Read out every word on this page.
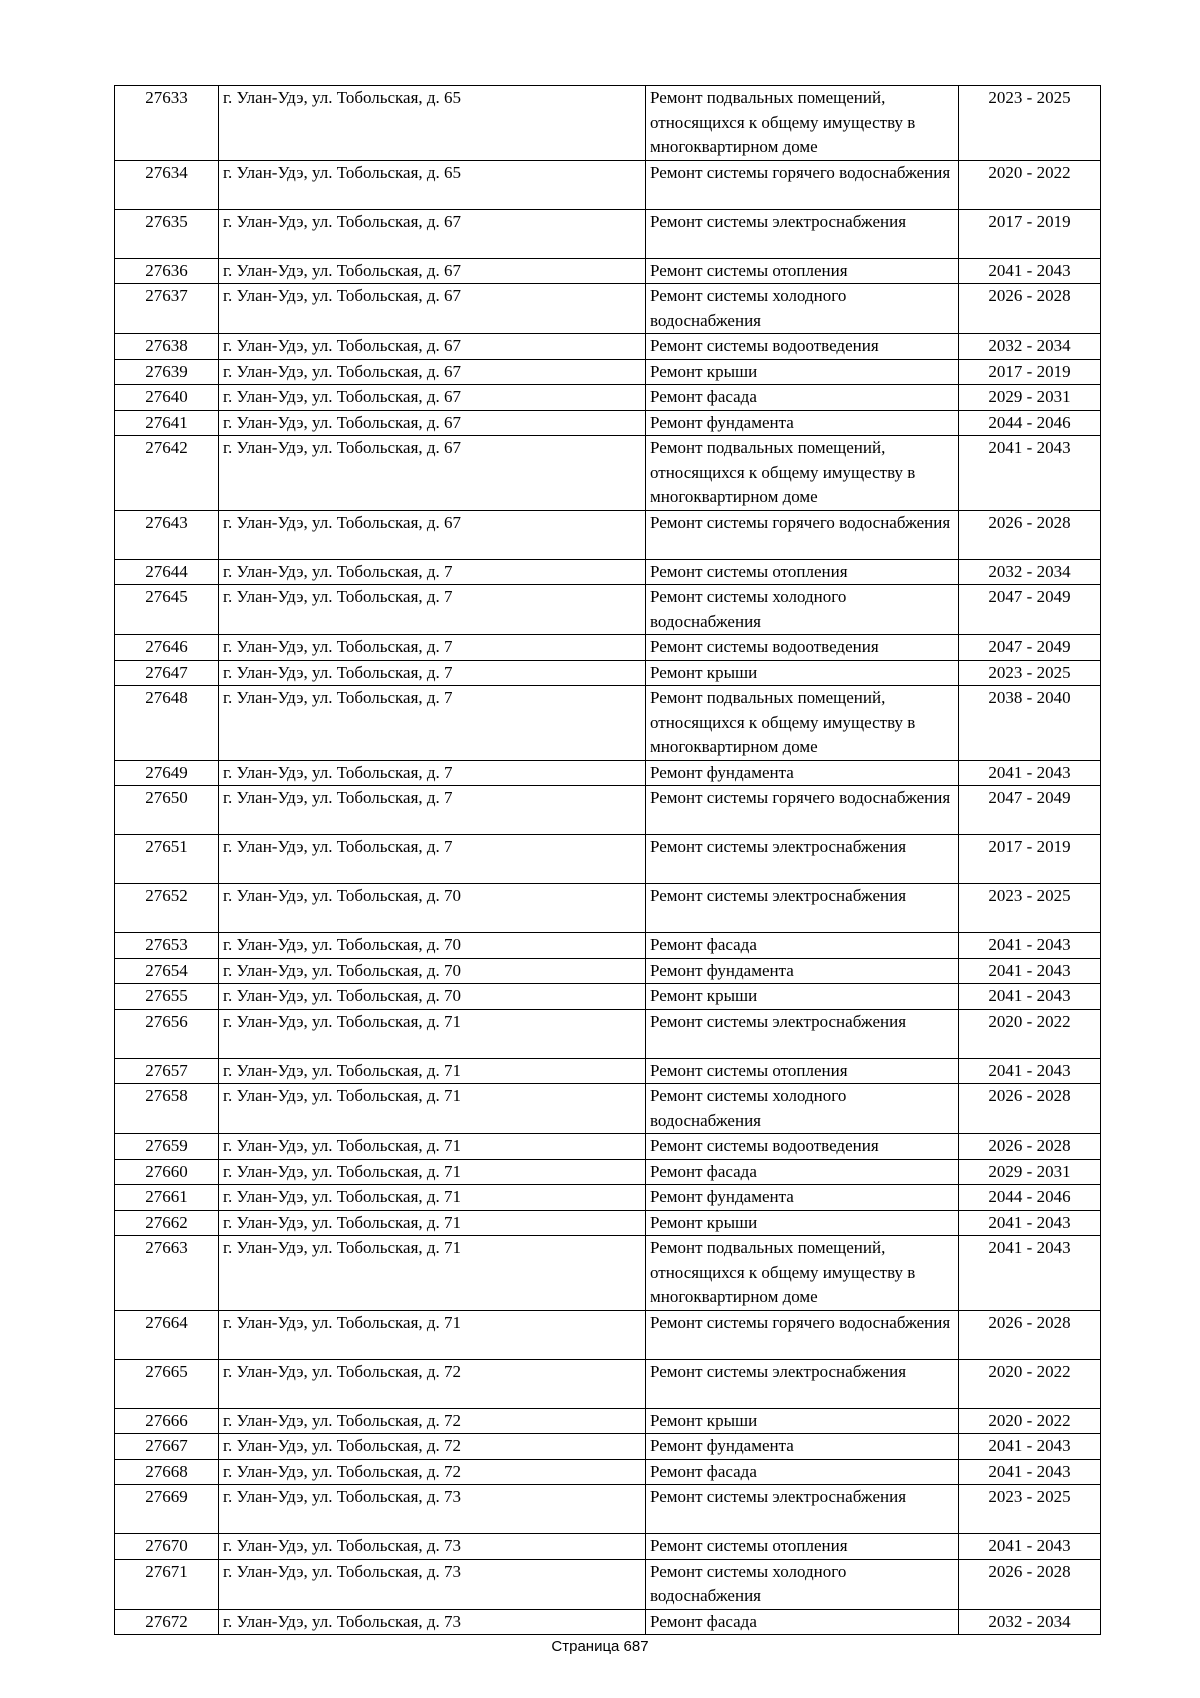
27633	г. Улан-Удэ, ул. Тобольская, д. 65	Ремонт подвальных помещений, относящихся к общему имуществу в многоквартирном доме	2023 - 2025
27634	г. Улан-Удэ, ул. Тобольская, д. 65	Ремонт системы горячего водоснабжения	2020 - 2022
27635	г. Улан-Удэ, ул. Тобольская, д. 67	Ремонт системы электроснабжения	2017 - 2019
27636	г. Улан-Удэ, ул. Тобольская, д. 67	Ремонт системы отопления	2041 - 2043
27637	г. Улан-Удэ, ул. Тобольская, д. 67	Ремонт системы холодного водоснабжения	2026 - 2028
27638	г. Улан-Удэ, ул. Тобольская, д. 67	Ремонт системы водоотведения	2032 - 2034
27639	г. Улан-Удэ, ул. Тобольская, д. 67	Ремонт крыши	2017 - 2019
27640	г. Улан-Удэ, ул. Тобольская, д. 67	Ремонт фасада	2029 - 2031
27641	г. Улан-Удэ, ул. Тобольская, д. 67	Ремонт фундамента	2044 - 2046
27642	г. Улан-Удэ, ул. Тобольская, д. 67	Ремонт подвальных помещений, относящихся к общему имуществу в многоквартирном доме	2041 - 2043
27643	г. Улан-Удэ, ул. Тобольская, д. 67	Ремонт системы горячего водоснабжения	2026 - 2028
27644	г. Улан-Удэ, ул. Тобольская, д. 7	Ремонт системы отопления	2032 - 2034
27645	г. Улан-Удэ, ул. Тобольская, д. 7	Ремонт системы холодного водоснабжения	2047 - 2049
27646	г. Улан-Удэ, ул. Тобольская, д. 7	Ремонт системы водоотведения	2047 - 2049
27647	г. Улан-Удэ, ул. Тобольская, д. 7	Ремонт крыши	2023 - 2025
27648	г. Улан-Удэ, ул. Тобольская, д. 7	Ремонт подвальных помещений, относящихся к общему имуществу в многоквартирном доме	2038 - 2040
27649	г. Улан-Удэ, ул. Тобольская, д. 7	Ремонт фундамента	2041 - 2043
27650	г. Улан-Удэ, ул. Тобольская, д. 7	Ремонт системы горячего водоснабжения	2047 - 2049
27651	г. Улан-Удэ, ул. Тобольская, д. 7	Ремонт системы электроснабжения	2017 - 2019
27652	г. Улан-Удэ, ул. Тобольская, д. 70	Ремонт системы электроснабжения	2023 - 2025
27653	г. Улан-Удэ, ул. Тобольская, д. 70	Ремонт фасада	2041 - 2043
27654	г. Улан-Удэ, ул. Тобольская, д. 70	Ремонт фундамента	2041 - 2043
27655	г. Улан-Удэ, ул. Тобольская, д. 70	Ремонт крыши	2041 - 2043
27656	г. Улан-Удэ, ул. Тобольская, д. 71	Ремонт системы электроснабжения	2020 - 2022
27657	г. Улан-Удэ, ул. Тобольская, д. 71	Ремонт системы отопления	2041 - 2043
27658	г. Улан-Удэ, ул. Тобольская, д. 71	Ремонт системы холодного водоснабжения	2026 - 2028
27659	г. Улан-Удэ, ул. Тобольская, д. 71	Ремонт системы водоотведения	2026 - 2028
27660	г. Улан-Удэ, ул. Тобольская, д. 71	Ремонт фасада	2029 - 2031
27661	г. Улан-Удэ, ул. Тобольская, д. 71	Ремонт фундамента	2044 - 2046
27662	г. Улан-Удэ, ул. Тобольская, д. 71	Ремонт крыши	2041 - 2043
27663	г. Улан-Удэ, ул. Тобольская, д. 71	Ремонт подвальных помещений, относящихся к общему имуществу в многоквартирном доме	2041 - 2043
27664	г. Улан-Удэ, ул. Тобольская, д. 71	Ремонт системы горячего водоснабжения	2026 - 2028
27665	г. Улан-Удэ, ул. Тобольская, д. 72	Ремонт системы электроснабжения	2020 - 2022
27666	г. Улан-Удэ, ул. Тобольская, д. 72	Ремонт крыши	2020 - 2022
27667	г. Улан-Удэ, ул. Тобольская, д. 72	Ремонт фундамента	2041 - 2043
27668	г. Улан-Удэ, ул. Тобольская, д. 72	Ремонт фасада	2041 - 2043
27669	г. Улан-Удэ, ул. Тобольская, д. 73	Ремонт системы электроснабжения	2023 - 2025
27670	г. Улан-Удэ, ул. Тобольская, д. 73	Ремонт системы отопления	2041 - 2043
27671	г. Улан-Удэ, ул. Тобольская, д. 73	Ремонт системы холодного водоснабжения	2026 - 2028
27672	г. Улан-Удэ, ул. Тобольская, д. 73	Ремонт фасада	2032 - 2034
Страница 687
